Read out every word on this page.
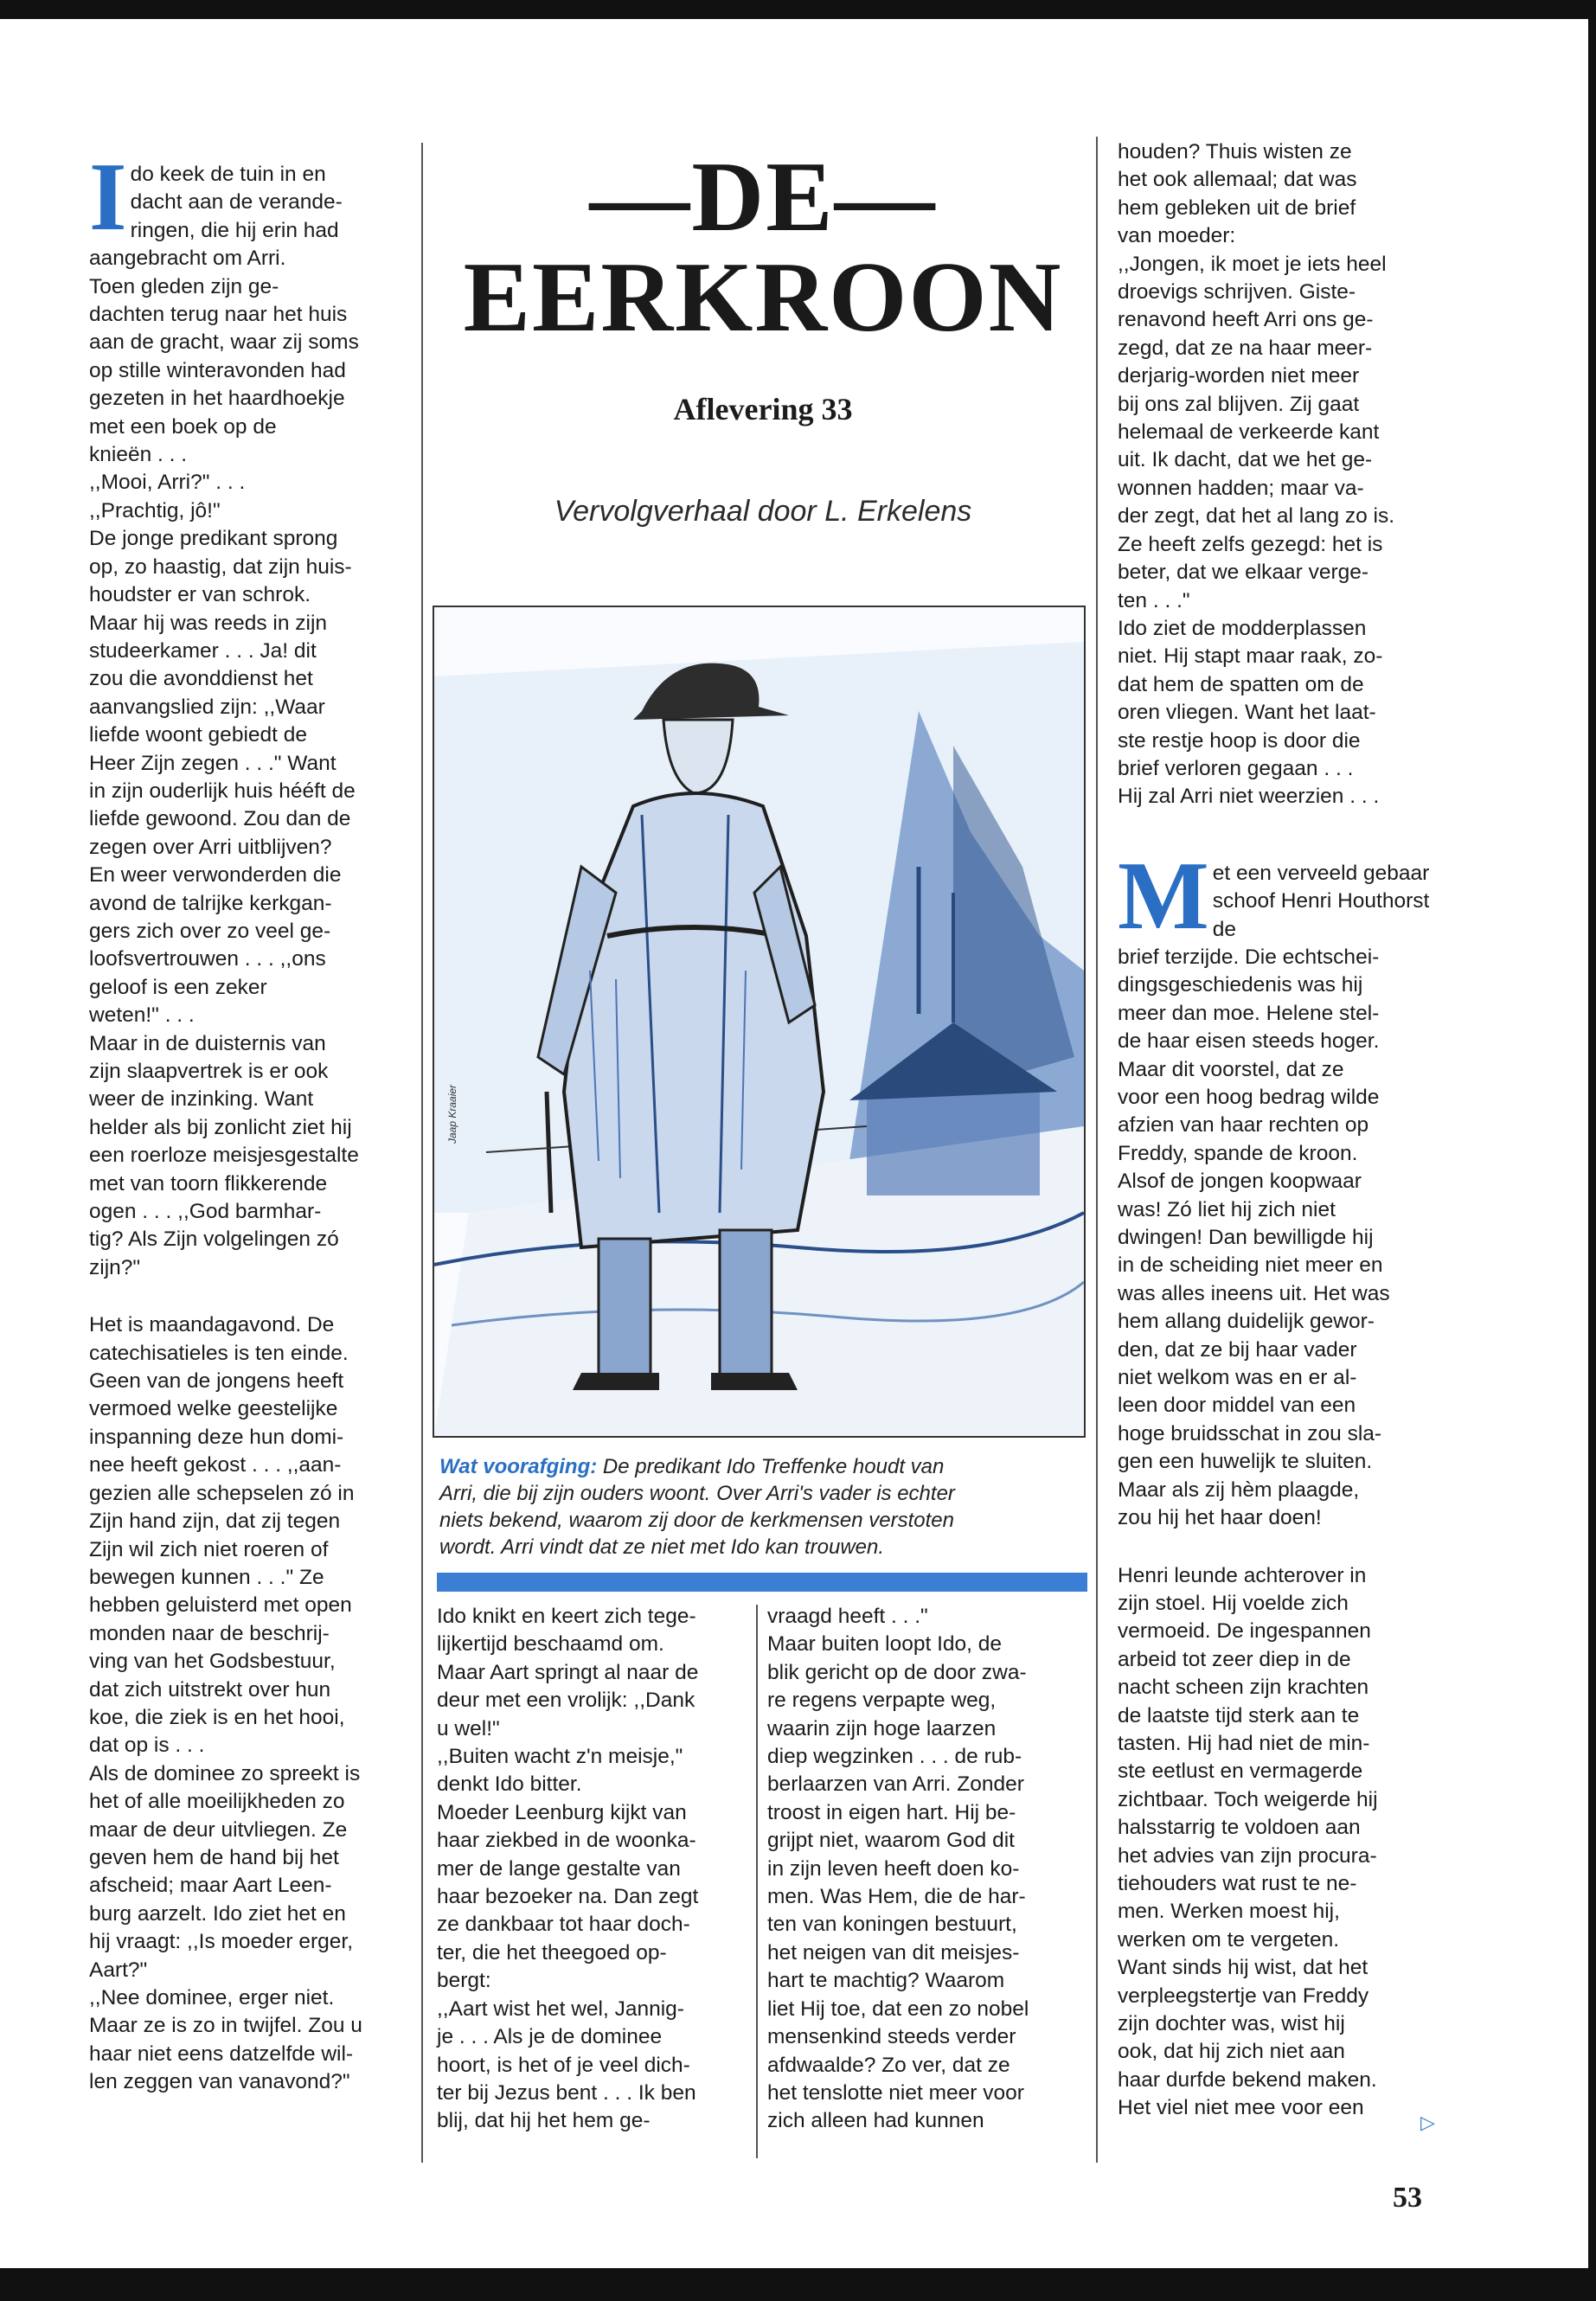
Ido keek de tuin in en
dacht aan de verande-
ringen, die hij erin had
aangebracht om Arri.
Toen gleden zijn ge-
dachten terug naar het huis
aan de gracht, waar zij soms
op stille winteravonden had
gezeten in het haardhoekje
met een boek op de
knieën . . .
,,Mooi, Arri?" . . .
,,Prachtig, jô!"
De jonge predikant sprong
op, zo haastig, dat zijn huis-
houdster er van schrok.
Maar hij was reeds in zijn
studeerkamer . . . Ja! dit
zou die avonddienst het
aanvangslied zijn: ,,Waar
liefde woont gebiedt de
Heer Zijn zegen . . ." Want
in zijn ouderlijk huis hééft de
liefde gewoond. Zou dan de
zegen over Arri uitblijven?
En weer verwonderden die
avond de talrijke kerkgan-
gers zich over zo veel ge-
loofsvertrouwen . . . ,,ons
geloof is een zeker
weten!" . . .
Maar in de duisternis van
zijn slaapvertrek is er ook
weer de inzinking. Want
helder als bij zonlicht ziet hij
een roerloze meisjesgestalte
met van toorn flikkerende
ogen . . . ,,God barmhar-
tig? Als Zijn volgelingen zó
zijn?"

Het is maandagavond. De
catechisatieles is ten einde.
Geen van de jongens heeft
vermoed welke geestelijke
inspanning deze hun domi-
nee heeft gekost . . . ,,aan-
gezien alle schepselen zó in
Zijn hand zijn, dat zij tegen
Zijn wil zich niet roeren of
bewegen kunnen . . ." Ze
hebben geluisterd met open
monden naar de beschrij-
ving van het Godsbestuur,
dat zich uitstrekt over hun
koe, die ziek is en het hooi,
dat op is . . .
Als de dominee zo spreekt is
het of alle moeilijkheden zo
maar de deur uitvliegen. Ze
geven hem de hand bij het
afscheid; maar Aart Leen-
burg aarzelt. Ido ziet het en
hij vraagt: ,,Is moeder erger,
Aart?"
,,Nee dominee, erger niet.
Maar ze is zo in twijfel. Zou u
haar niet eens datzelfde wil-
len zeggen van vanavond?"

—DE—
EERKROON
Aflevering 33
Vervolgverhaal door L. Erkelens
Jaap Kraaier
Wat voorafging: De predikant Ido Treffenke houdt van
Arri, die bij zijn ouders woont. Over Arri's vader is echter
niets bekend, waarom zij door de kerkmensen verstoten
wordt. Arri vindt dat ze niet met Ido kan trouwen.

Ido knikt en keert zich tege-
lijkertijd beschaamd om.
Maar Aart springt al naar de
deur met een vrolijk: ,,Dank
u wel!"
,,Buiten wacht z'n meisje,"
denkt Ido bitter.
Moeder Leenburg kijkt van
haar ziekbed in de woonka-
mer de lange gestalte van
haar bezoeker na. Dan zegt
ze dankbaar tot haar doch-
ter, die het theegoed op-
bergt:
,,Aart wist het wel, Jannig-
je . . . Als je de dominee
hoort, is het of je veel dich-
ter bij Jezus bent . . . Ik ben
blij, dat hij het hem ge-

vraagd heeft . . ."
Maar buiten loopt Ido, de
blik gericht op de door zwa-
re regens verpapte weg,
waarin zijn hoge laarzen
diep wegzinken . . . de rub-
berlaarzen van Arri. Zonder
troost in eigen hart. Hij be-
grijpt niet, waarom God dit
in zijn leven heeft doen ko-
men. Was Hem, die de har-
ten van koningen bestuurt,
het neigen van dit meisjes-
hart te machtig? Waarom
liet Hij toe, dat een zo nobel
mensenkind steeds verder
afdwaalde? Zo ver, dat ze
het tenslotte niet meer voor
zich alleen had kunnen

houden? Thuis wisten ze
het ook allemaal; dat was
hem gebleken uit de brief
van moeder:
,,Jongen, ik moet je iets heel
droevigs schrijven. Giste-
renavond heeft Arri ons ge-
zegd, dat ze na haar meer-
derjarig-worden niet meer
bij ons zal blijven. Zij gaat
helemaal de verkeerde kant
uit. Ik dacht, dat we het ge-
wonnen hadden; maar va-
der zegt, dat het al lang zo is.
Ze heeft zelfs gezegd: het is
beter, dat we elkaar verge-
ten . . ."
Ido ziet de modderplassen
niet. Hij stapt maar raak, zo-
dat hem de spatten om de
oren vliegen. Want het laat-
ste restje hoop is door die
brief verloren gegaan . . .
Hij zal Arri niet weerzien . . .

Met een verveeld gebaar
schoof Henri Houthorst de
brief terzijde. Die echtschei-
dingsgeschiedenis was hij
meer dan moe. Helene stel-
de haar eisen steeds hoger.
Maar dit voorstel, dat ze
voor een hoog bedrag wilde
afzien van haar rechten op
Freddy, spande de kroon.
Alsof de jongen koopwaar
was! Zó liet hij zich niet
dwingen! Dan bewilligde hij
in de scheiding niet meer en
was alles ineens uit. Het was
hem allang duidelijk gewor-
den, dat ze bij haar vader
niet welkom was en er al-
leen door middel van een
hoge bruidsschat in zou sla-
gen een huwelijk te sluiten.
Maar als zij hèm plaagde,
zou hij het haar doen!

Henri leunde achterover in
zijn stoel. Hij voelde zich
vermoeid. De ingespannen
arbeid tot zeer diep in de
nacht scheen zijn krachten
de laatste tijd sterk aan te
tasten. Hij had niet de min-
ste eetlust en vermagerde
zichtbaar. Toch weigerde hij
halsstarrig te voldoen aan
het advies van zijn procura-
tiehouders wat rust te ne-
men. Werken moest hij,
werken om te vergeten.
Want sinds hij wist, dat het
verpleegstertje van Freddy
zijn dochter was, wist hij
ook, dat hij zich niet aan
haar durfde bekend maken.
Het viel niet mee voor een

▷
53
